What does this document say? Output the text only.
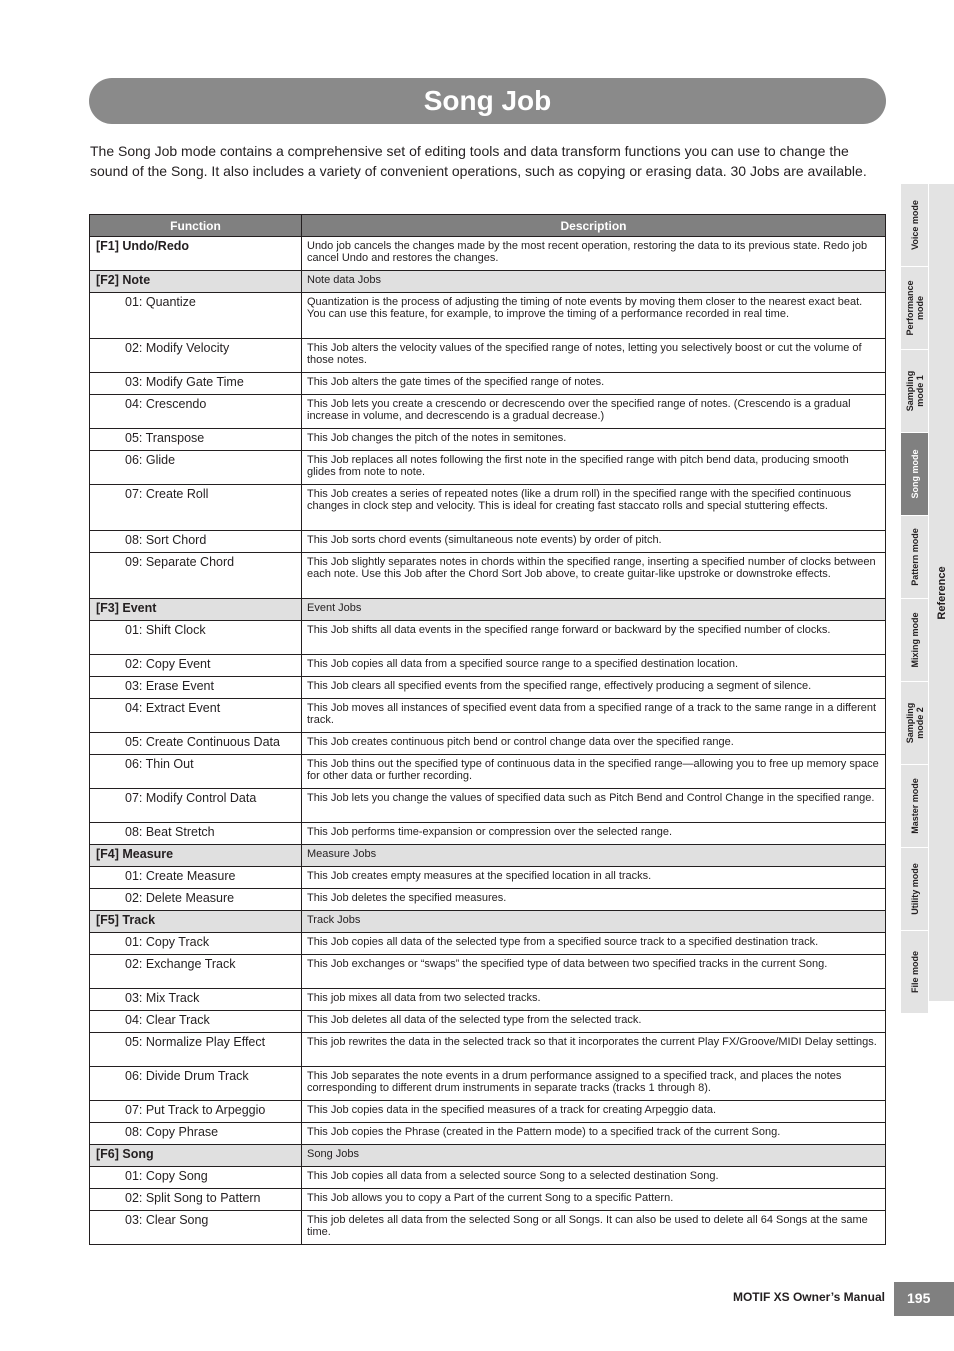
Song Job

The Song Job mode contains a comprehensive set of editing tools and data transform functions you can use to change the sound of the Song. It also includes a variety of convenient operations, such as copying or erasing data. 30 Jobs are available.

Function	Description
[F1] Undo/Redo	Undo job cancels the changes made by the most recent operation, restoring the data to its previous state. Redo job cancel Undo and restores the changes.
[F2] Note	Note data Jobs
01: Quantize	Quantization is the process of adjusting the timing of note events by moving them closer to the nearest exact beat. You can use this feature, for example, to improve the timing of a performance recorded in real time.
02: Modify Velocity	This Job alters the velocity values of the specified range of notes, letting you selectively boost or cut the volume of those notes.
03: Modify Gate Time	This Job alters the gate times of the specified range of notes.
04: Crescendo	This Job lets you create a crescendo or decrescendo over the specified range of notes. (Crescendo is a gradual increase in volume, and decrescendo is a gradual decrease.)
05: Transpose	This Job changes the pitch of the notes in semitones.
06: Glide	This Job replaces all notes following the first note in the specified range with pitch bend data, producing smooth glides from note to note.
07: Create Roll	This Job creates a series of repeated notes (like a drum roll) in the specified range with the specified continuous changes in clock step and velocity. This is ideal for creating fast staccato rolls and special stuttering effects.
08: Sort Chord	This Job sorts chord events (simultaneous note events) by order of pitch.
09: Separate Chord	This Job slightly separates notes in chords within the specified range, inserting a specified number of clocks between each note. Use this Job after the Chord Sort Job above, to create guitar-like upstroke or downstroke effects.
[F3] Event	Event Jobs
01: Shift Clock	This Job shifts all data events in the specified range forward or backward by the specified number of clocks.
02: Copy Event	This Job copies all data from a specified source range to a specified destination location.
03: Erase Event	This Job clears all specified events from the specified range, effectively producing a segment of silence.
04: Extract Event	This Job moves all instances of specified event data from a specified range of a track to the same range in a different track.
05: Create Continuous Data	This Job creates continuous pitch bend or control change data over the specified range.
06: Thin Out	This Job thins out the specified type of continuous data in the specified range—allowing you to free up memory space for other data or further recording.
07: Modify Control Data	This Job lets you change the values of specified data such as Pitch Bend and Control Change in the specified range.
08: Beat Stretch	This Job performs time-expansion or compression over the selected range.
[F4] Measure	Measure Jobs
01: Create Measure	This Job creates empty measures at the specified location in all tracks.
02: Delete Measure	This Job deletes the specified measures.
[F5] Track	Track Jobs
01: Copy Track	This Job copies all data of the selected type from a specified source track to a specified destination track.
02: Exchange Track	This Job exchanges or “swaps” the specified type of data between two specified tracks in the current Song.
03: Mix Track	This job mixes all data from two selected tracks.
04: Clear Track	This Job deletes all data of the selected type from the selected track.
05: Normalize Play Effect	This job rewrites the data in the selected track so that it incorporates the current Play FX/Groove/MIDI Delay settings.
06: Divide Drum Track	This Job separates the note events in a drum performance assigned to a specified track, and places the notes corresponding to different drum instruments in separate tracks (tracks 1 through 8).
07: Put Track to Arpeggio	This Job copies data in the specified measures of a track for creating Arpeggio data.
08: Copy Phrase	This Job copies the Phrase (created in the Pattern mode) to a specified track of the current Song.
[F6] Song	Song Jobs
01: Copy Song	This Job copies all data from a selected source Song to a selected destination Song.
02: Split Song to Pattern	This Job allows you to copy a Part of the current Song to a specific Pattern.
03: Clear Song	This job deletes all data from the selected Song or all Songs. It can also be used to delete all 64 Songs at the same time.
Voice mode
Performance
mode
Sampling
mode 1
Song mode
Pattern mode
Mixing mode
Sampling
mode 2
Master mode
Utility mode
File mode
Reference
MOTIF XS Owner’s Manual	195
